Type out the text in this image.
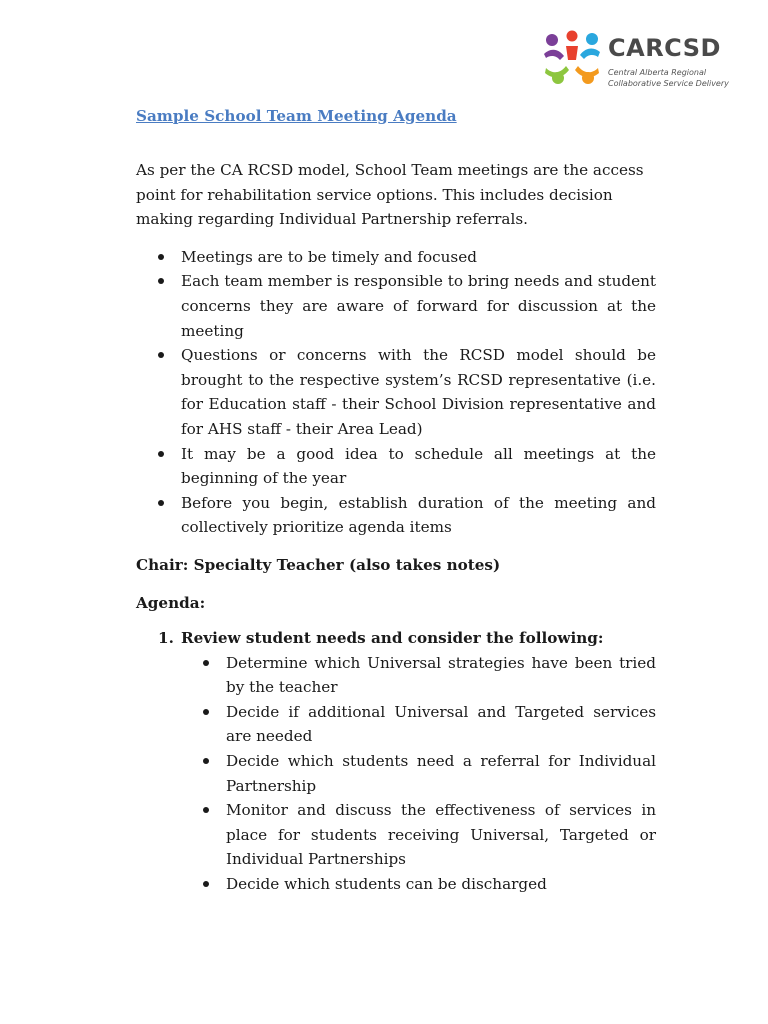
CARCSD
Central Alberta Regional
Collaborative Service Delivery
Sample School Team Meeting Agenda

As per the CA RCSD model, School Team meetings are the access point for rehabilitation service options. This includes decision making regarding Individual Partnership referrals.

Meetings are to be timely and focused
Each team member is responsible to bring needs and student concerns they are aware of forward for discussion at the meeting
Questions or concerns with the RCSD model should be brought to the respective system’s RCSD representative (i.e. for Education staff - their School Division representative and for AHS staff - their Area Lead)
It may be a good idea to schedule all meetings at the beginning of the year
Before you begin, establish duration of the meeting and collectively prioritize agenda items

Chair: Specialty Teacher (also takes notes)

Agenda:

1. Review student needs and consider the following:
Determine which Universal strategies have been tried by the teacher
Decide if additional Universal and Targeted services are needed
Decide which students need a referral for Individual Partnership
Monitor and discuss the effectiveness of services in place for students receiving Universal, Targeted or Individual Partnerships
Decide which students can be discharged
